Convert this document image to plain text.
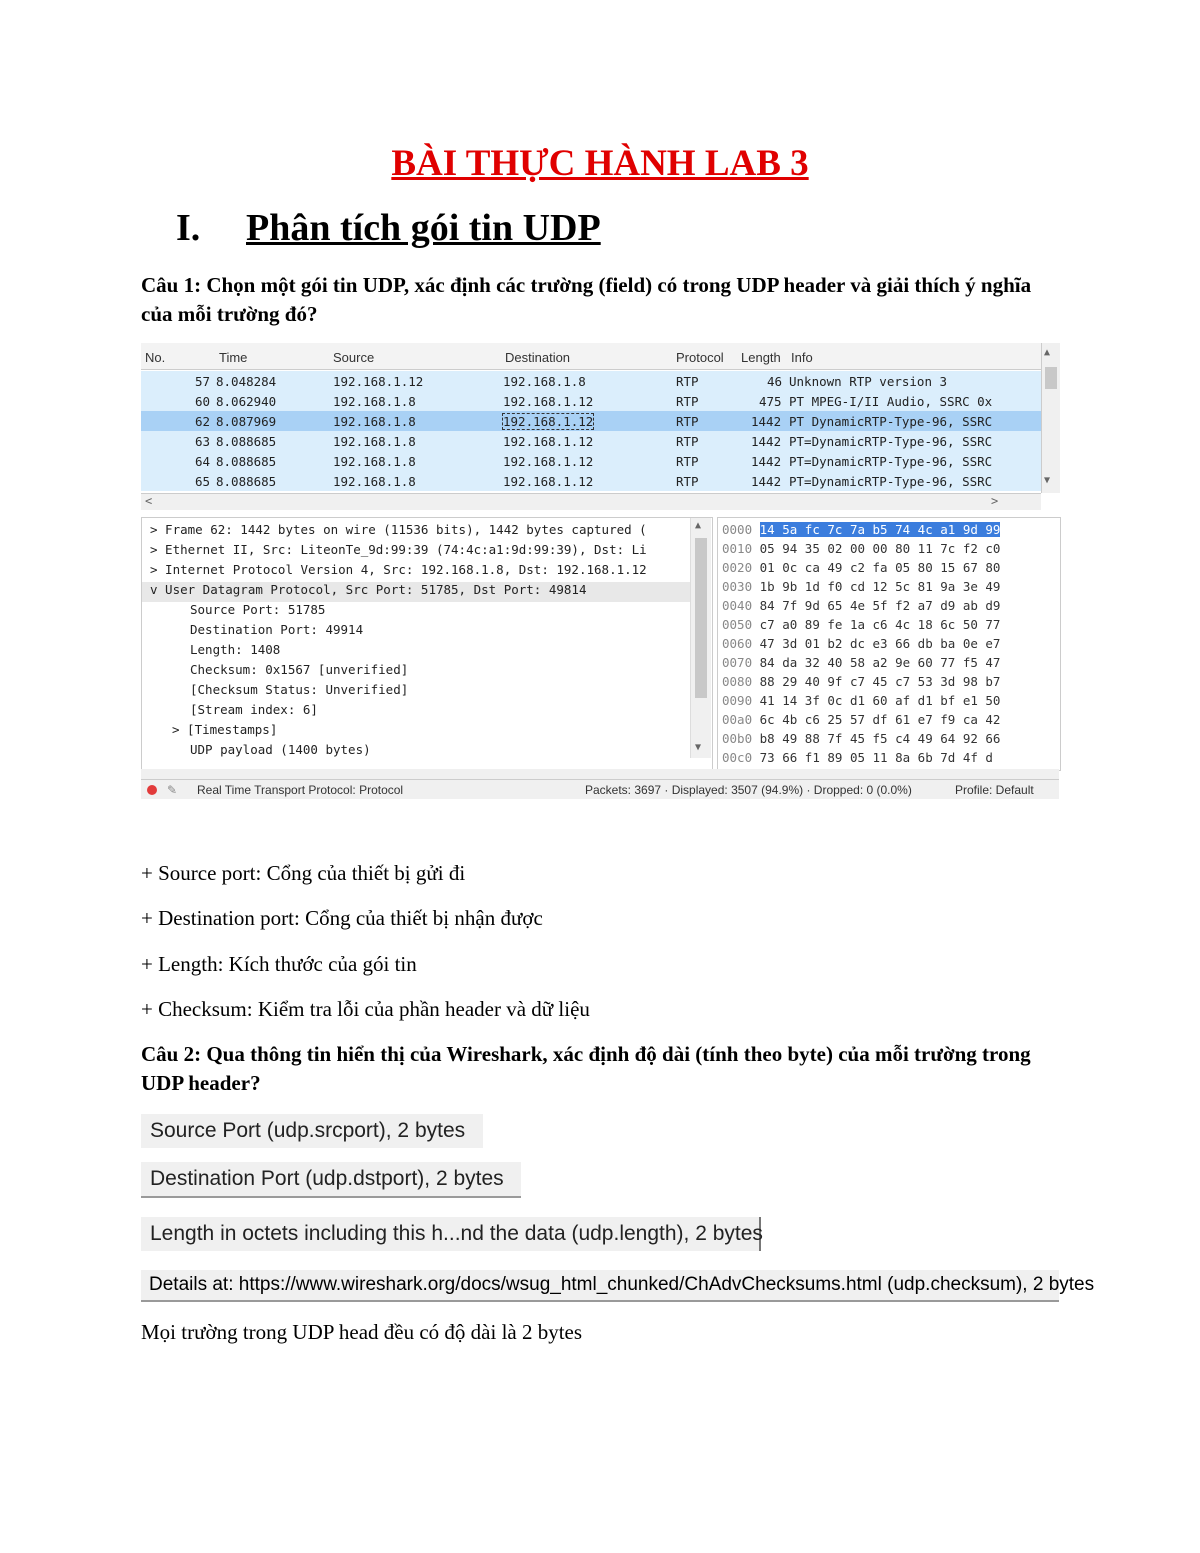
BÀI THỰC HÀNH LAB 3
I. Phân tích gói tin UDP
Câu 1: Chọn một gói tin UDP, xác định các trường (field) có trong UDP header và giải thích ý nghĩa của mỗi trường đó?
No.	Time	Source	Destination	Protocol Length Info
57 8.048284	192.168.1.12	192.168.1.8	RTP	46 Unknown RTP version 3
60 8.062940	192.168.1.8	192.168.1.12	RTP	475 PT MPEG-I/II Audio, SSRC 0x
62 8.087969	192.168.1.8	192.168.1.12	RTP	1442 PT DynamicRTP-Type-96, SSRC
63 8.088685	192.168.1.8	192.168.1.12	RTP	1442 PT=DynamicRTP-Type-96, SSRC
64 8.088685	192.168.1.8	192.168.1.12	RTP	1442 PT=DynamicRTP-Type-96, SSRC
65 8.088685	192.168.1.8	192.168.1.12	RTP	1442 PT=DynamicRTP-Type-96, SSRC
▲
▼
<	>
> Frame 62: 1442 bytes on wire (11536 bits), 1442 bytes captured (
> Ethernet II, Src: LiteonTe_9d:99:39 (74:4c:a1:9d:99:39), Dst: Li
> Internet Protocol Version 4, Src: 192.168.1.8, Dst: 192.168.1.12
v User Datagram Protocol, Src Port: 51785, Dst Port: 49814
Source Port: 51785
Destination Port: 49914
Length: 1408
Checksum: 0x1567 [unverified]
[Checksum Status: Unverified]
[Stream index: 6]
> [Timestamps]
UDP payload (1400 bytes)
▲
▼
0000 14 5a fc 7c 7a b5 74 4c a1 9d 99
0010 05 94 35 02 00 00 80 11 7c f2 c0
0020 01 0c ca 49 c2 fa 05 80 15 67 80
0030 1b 9b 1d f0 cd 12 5c 81 9a 3e 49
0040 84 7f 9d 65 4e 5f f2 a7 d9 ab d9
0050 c7 a0 89 fe 1a c6 4c 18 6c 50 77
0060 47 3d 01 b2 dc e3 66 db ba 0e e7
0070 84 da 32 40 58 a2 9e 60 77 f5 47
0080 88 29 40 9f c7 45 c7 53 3d 98 b7
0090 41 14 3f 0c d1 60 af d1 bf e1 50
00a0 6c 4b c6 25 57 df 61 e7 f9 ca 42
00b0 b8 49 88 7f 45 f5 c4 49 64 92 66
00c0 73 66 f1 89 05 11 8a 6b 7d 4f d
✎ Real Time Transport Protocol: Protocol	Packets: 3697 · Displayed: 3507 (94.9%) · Dropped: 0 (0.0%)	Profile: Default
+ Source port: Cổng của thiết bị gửi đi
+ Destination port: Cổng của thiết bị nhận được
+ Length: Kích thước của gói tin
+ Checksum: Kiểm tra lỗi của phần header và dữ liệu
Câu 2: Qua thông tin hiển thị của Wireshark, xác định độ dài (tính theo byte) của mỗi trường trong UDP header?
Source Port (udp.srcport), 2 bytes
Destination Port (udp.dstport), 2 bytes
Length in octets including this h...nd the data (udp.length), 2 bytes
Details at: https://www.wireshark.org/docs/wsug_html_chunked/ChAdvChecksums.html (udp.checksum), 2 bytes
Mọi trường trong UDP head đều có độ dài là 2 bytes
